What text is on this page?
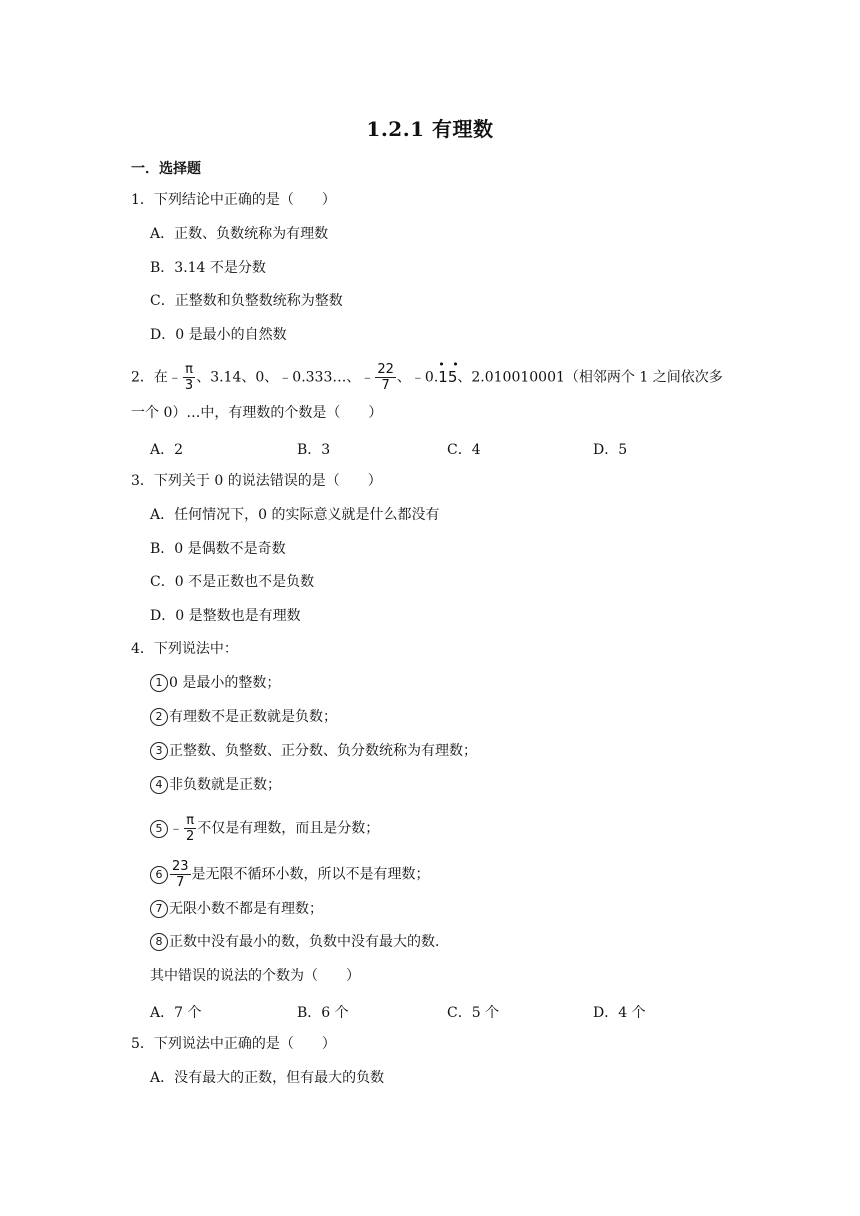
1.2.1 有理数
一．选择题
1．下列结论中正确的是（　　）
A．正数、负数统称为有理数
B．3.14 不是分数
C．正整数和负整数统称为整数
D．0 是最小的自然数
2．在﹣ $\frac{\pi}{3}$ 、3.14、0、﹣0.333…、﹣ $\frac{22}{7}$ 、﹣0.
• •
15、2.010010001（相邻两个 1 之间依次多
一个 0）…中，有理数的个数是（　　）
A．2	B．3	C．4	D．5
3．下列关于 0 的说法错误的是（　　）
A．任何情况下，0 的实际意义就是什么都没有
B．0 是偶数不是奇数
C．0 不是正数也不是负数
D．0 是整数也是有理数
4．下列说法中：
1 0 是最小的整数；
2 有理数不是正数就是负数；
3 正整数、负整数、正分数、负分数统称为有理数；
4 非负数就是正数；
5 ﹣ $\frac{\pi}{2}$ 不仅是有理数，而且是分数；
$6 \frac{23}{7}$ 是无限不循环小数，所以不是有理数；
7 无限小数不都是有理数；
8 正数中没有最小的数，负数中没有最大的数．
其中错误的说法的个数为（　　）
A．7 个	B．6 个	C．5 个	D．4 个
5．下列说法中正确的是（　　）
A．没有最大的正数，但有最大的负数
